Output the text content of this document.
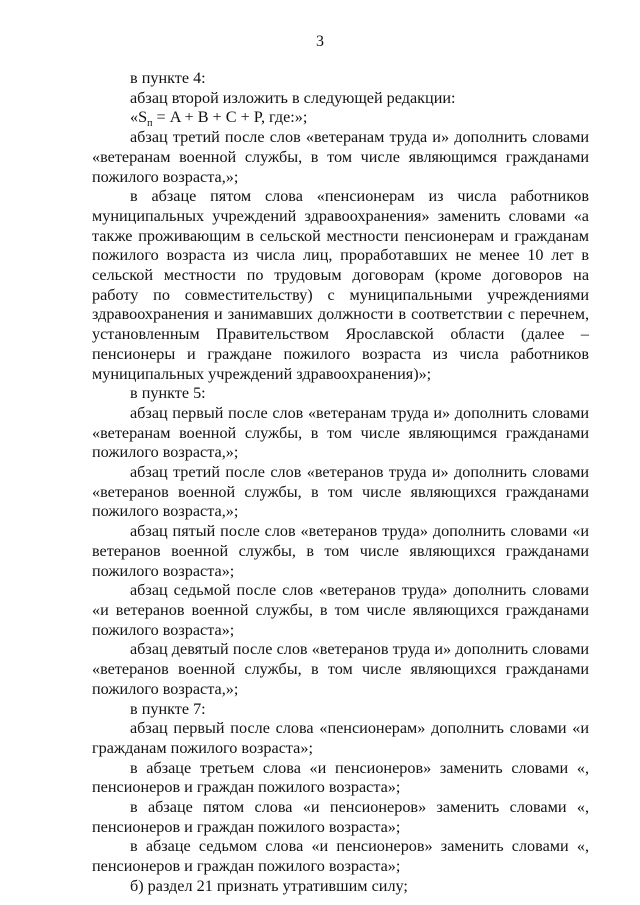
3

в пункте 4:

абзац второй изложить в следующей редакции:

«$S_п = A + B + C + P$, где:»;

абзац третий после слов «ветеранам труда и» дополнить словами «ветеранам военной службы, в том числе являющимся гражданами пожилого возраста,»;

в абзаце пятом слова «пенсионерам из числа работников муниципальных учреждений здравоохранения» заменить словами «а также проживающим в сельской местности пенсионерам и гражданам пожилого возраста из числа лиц, проработавших не менее 10 лет в сельской местности по трудовым договорам (кроме договоров на работу по совместительству) с муниципальными учреждениями здравоохранения и занимавших должности в соответствии с перечнем, установленным Правительством Ярославской области (далее – пенсионеры и граждане пожилого возраста из числа работников муниципальных учреждений здравоохранения)»;

в пункте 5:

абзац первый после слов «ветеранам труда и» дополнить словами «ветеранам военной службы, в том числе являющимся гражданами пожилого возраста,»;

абзац третий после слов «ветеранов труда и» дополнить словами «ветеранов военной службы, в том числе являющихся гражданами пожилого возраста,»;

абзац пятый после слов «ветеранов труда» дополнить словами «и ветеранов военной службы, в том числе являющихся гражданами пожилого возраста»;

абзац седьмой после слов «ветеранов труда» дополнить словами «и ветеранов военной службы, в том числе являющихся гражданами пожилого возраста»;

абзац девятый после слов «ветеранов труда и» дополнить словами «ветеранов военной службы, в том числе являющихся гражданами пожилого возраста,»;

в пункте 7:

абзац первый после слова «пенсионерам» дополнить словами «и гражданам пожилого возраста»;

в абзаце третьем слова «и пенсионеров» заменить словами «, пенсионеров и граждан пожилого возраста»;

в абзаце пятом слова «и пенсионеров» заменить словами «, пенсионеров и граждан пожилого возраста»;

в абзаце седьмом слова «и пенсионеров» заменить словами «, пенсионеров и граждан пожилого возраста»;

б) раздел 21 признать утратившим силу;
